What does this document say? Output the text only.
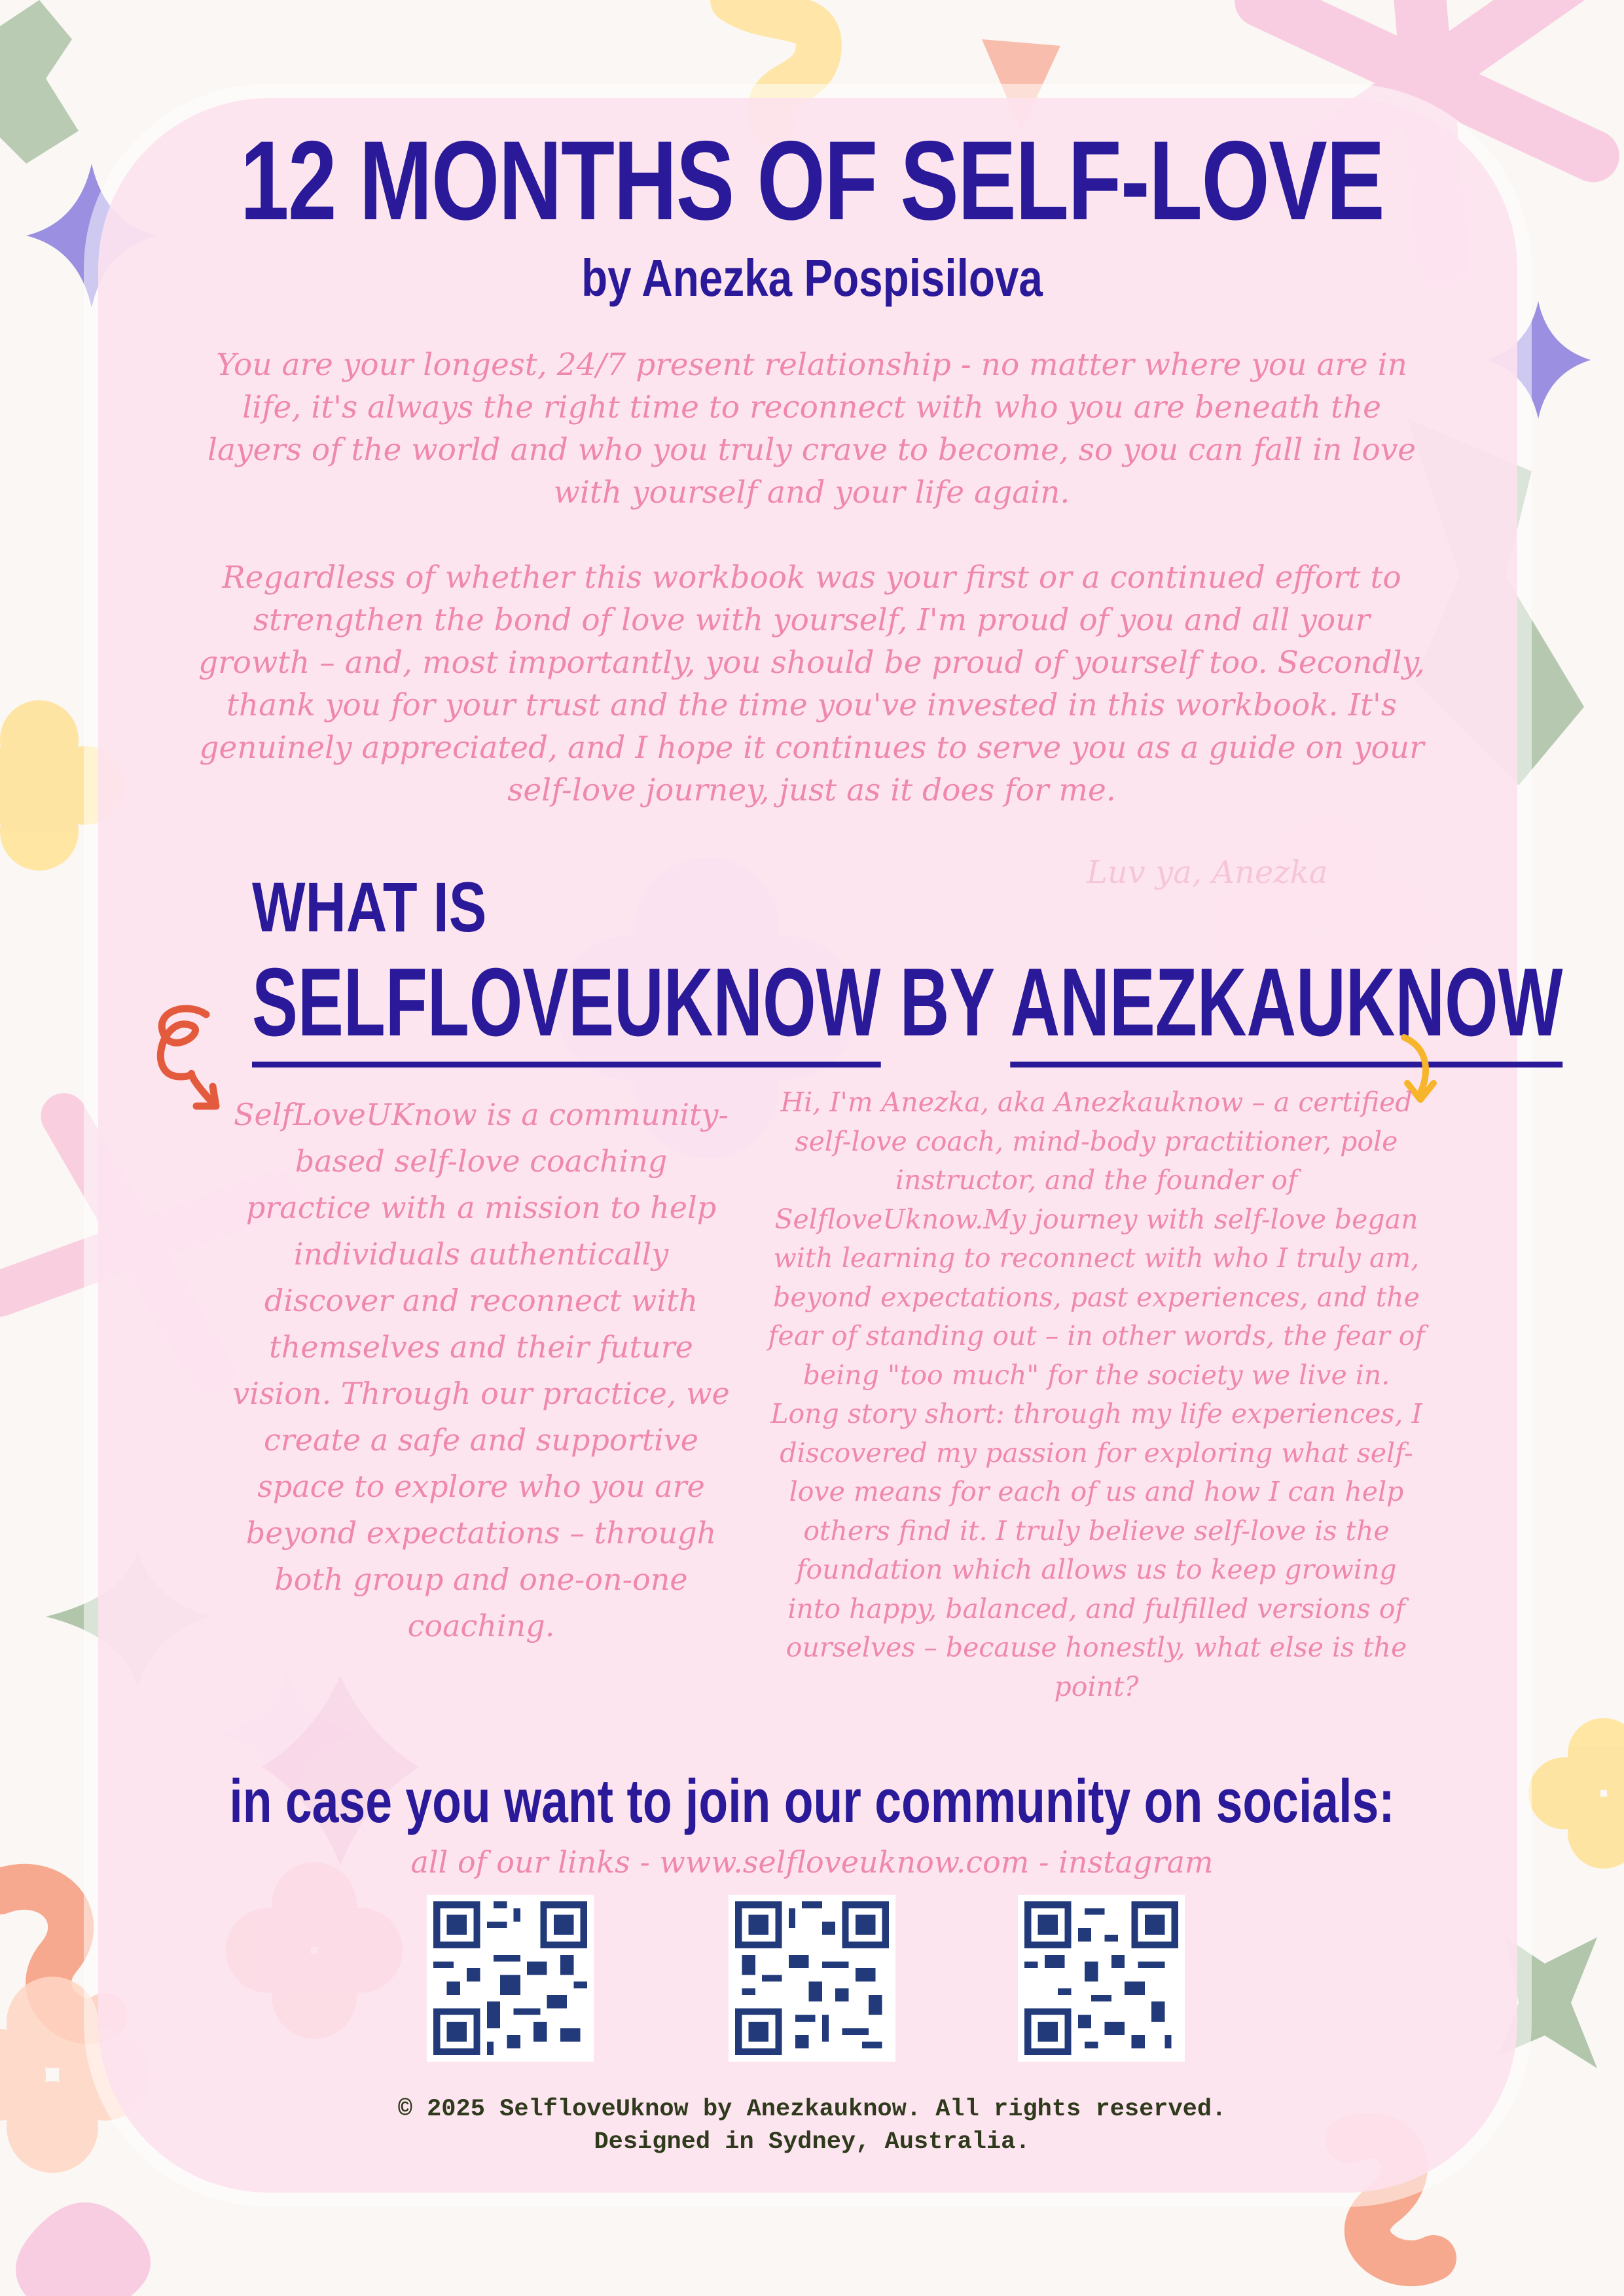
12 MONTHS OF SELF-LOVE
by Anezka Pospisilova

You are your longest, 24/7 present relationship - no matter where you are in life, it's always the right time to reconnect with who you are beneath the layers of the world and who you truly crave to become, so you can fall in love with yourself and your life again.

Regardless of whether this workbook was your first or a continued effort to strengthen the bond of love with yourself, I'm proud of you and all your growth – and, most importantly, you should be proud of yourself too. Secondly, thank you for your trust and the time you've invested in this workbook. It's genuinely appreciated, and I hope it continues to serve you as a guide on your self-love journey, just as it does for me.

Luv ya, Anezka
WHAT IS
SELFLOVEUKNOW BY ANEZKAUKNOW

SelfLoveUKnow is a community-based self-love coaching practice with a mission to help individuals authentically discover and reconnect with themselves and their future vision. Through our practice, we create a safe and supportive space to explore who you are beyond expectations – through both group and one-on-one coaching.

Hi, I'm Anezka, aka Anezkauknow – a certified self-love coach, mind-body practitioner, pole instructor, and the founder of SelfloveUknow.My journey with self-love began with learning to reconnect with who I truly am, beyond expectations, past experiences, and the fear of standing out – in other words, the fear of being "too much" for the society we live in.
Long story short: through my life experiences, I discovered my passion for exploring what self-love means for each of us and how I can help others find it. I truly believe self-love is the foundation which allows us to keep growing into happy, balanced, and fulfilled versions of ourselves – because honestly, what else is the point?
in case you want to join our community on socials:
all of our links - www.selfloveuknow.com - instagram
© 2025 SelfloveUknow by Anezkauknow. All rights reserved.
Designed in Sydney, Australia.
